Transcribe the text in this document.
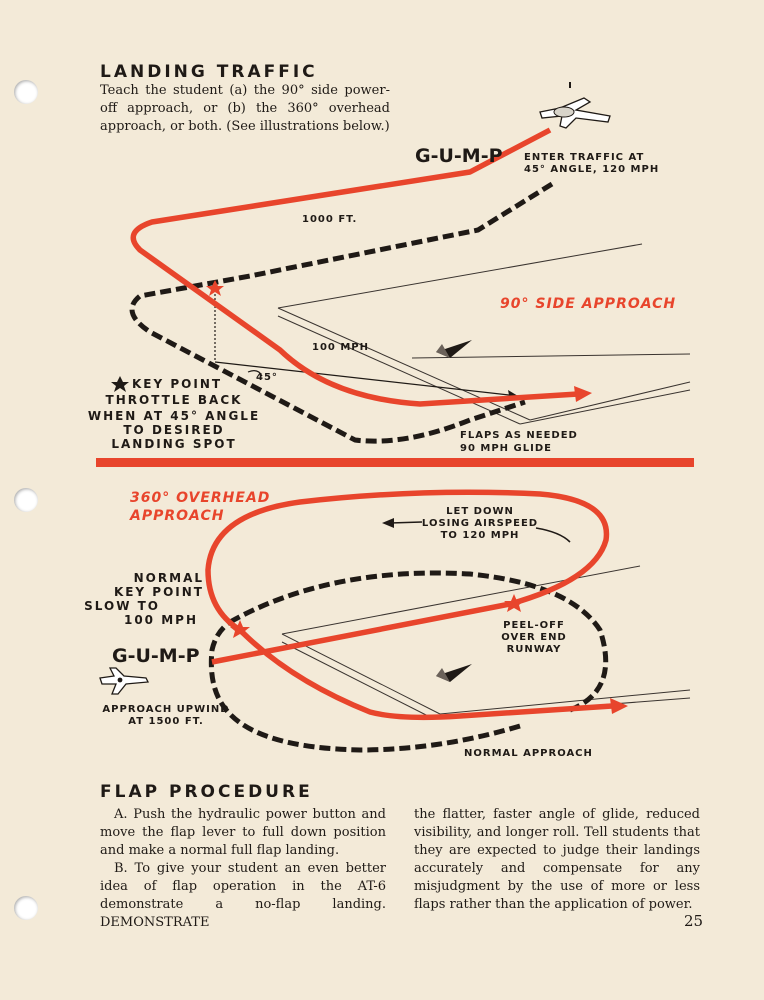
LANDING TRAFFIC

Teach the student (a) the 90° side power-off approach, or (b) the 360° overhead approach, or both. (See illustrations below.)

G-U-M-P ENTER TRAFFIC AT
45° ANGLE, 120 MPH
1000 FT.
90° SIDE APPROACH
100 MPH
45°
KEY POINT
THROTTLE BACK
WHEN AT 45° ANGLE
TO DESIRED
LANDING SPOT
FLAPS AS NEEDED
90 MPH GLIDE
360° OVERHEAD
APPROACH	LET DOWN
LOSING AIRSPEED
TO 120 MPH
NORMAL
KEY POINT
SLOW TO
100 MPH
G-U-M-P
PEEL-OFF
OVER END
RUNWAY
APPROACH UPWIND
AT 1500 FT.
NORMAL APPROACH
FLAP PROCEDURE

A. Push the hydraulic power button and move the flap lever to full down position and make a normal full flap landing.

B. To give your student an even better idea of flap operation in the AT-6 demonstrate a no-flap landing. DEMONSTRATE

the flatter, faster angle of glide, reduced visibility, and longer roll. Tell students that they are expected to judge their landings accurately and compensate for any misjudgment by the use of more or less flaps rather than the application of power.

25
